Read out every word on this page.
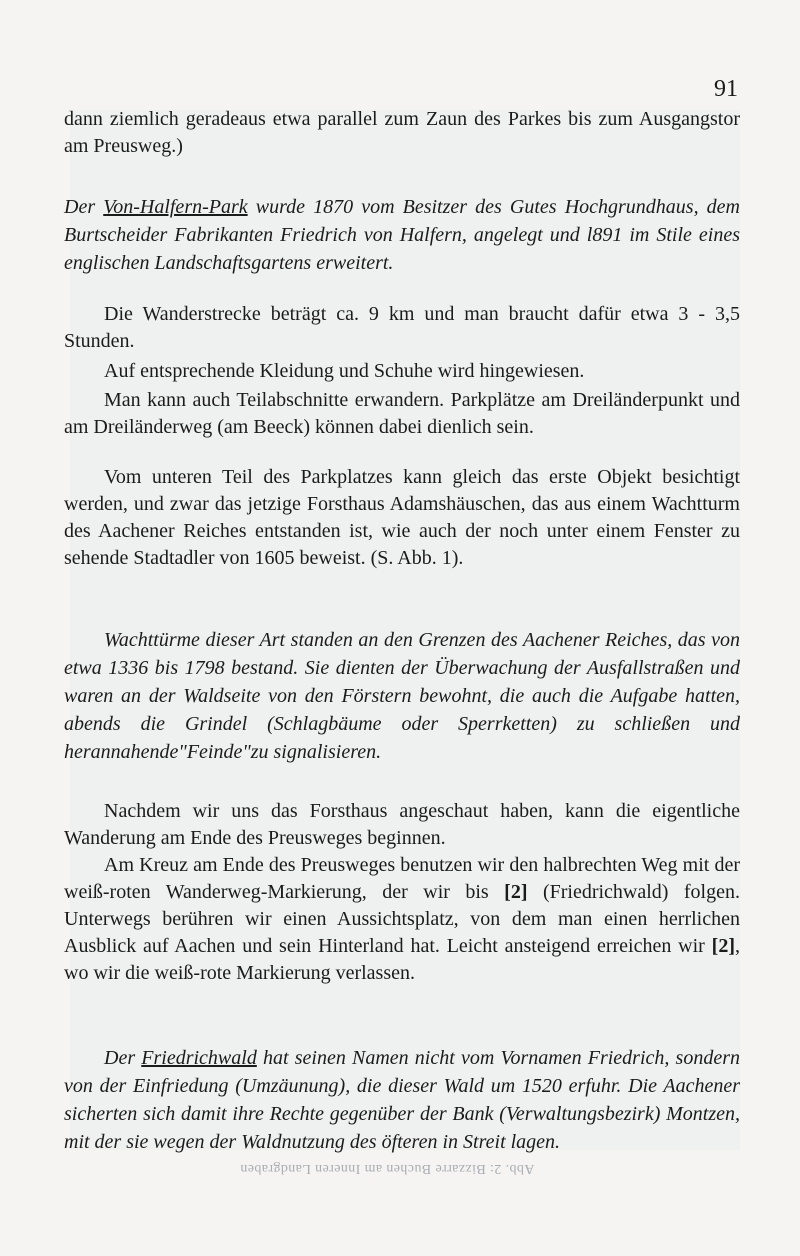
91

dann ziemlich geradeaus etwa parallel zum Zaun des Parkes bis zum Ausgangstor am Preusweg.)

Der Von-Halfern-Park wurde 1870 vom Besitzer des Gutes Hochgrundhaus, dem Burtscheider Fabrikanten Friedrich von Halfern, angelegt und l891 im Stile eines englischen Landschaftsgartens erweitert.

Die Wanderstrecke beträgt ca. 9 km und man braucht dafür etwa 3 - 3,5 Stunden.

Auf entsprechende Kleidung und Schuhe wird hingewiesen.

Man kann auch Teilabschnitte erwandern. Parkplätze am Dreiländerpunkt und am Dreiländerweg (am Beeck) können dabei dienlich sein.

Vom unteren Teil des Parkplatzes kann gleich das erste Objekt besichtigt werden, und zwar das jetzige Forsthaus Adamshäuschen, das aus einem Wachtturm des Aachener Reiches entstanden ist, wie auch der noch unter einem Fenster zu sehende Stadtadler von 1605 beweist. (S. Abb. 1).

Wachttürme dieser Art standen an den Grenzen des Aachener Reiches, das von etwa 1336 bis 1798 bestand. Sie dienten der Überwachung der Ausfallstraßen und waren an der Waldseite von den Förstern bewohnt, die auch die Aufgabe hatten, abends die Grindel (Schlagbäume oder Sperrketten) zu schließen und herannahende"Feinde"zu signalisieren.

Nachdem wir uns das Forsthaus angeschaut haben, kann die eigentliche Wanderung am Ende des Preusweges beginnen.

Am Kreuz am Ende des Preusweges benutzen wir den halbrechten Weg mit der weiß-roten Wanderweg-Markierung, der wir bis [2] (Friedrichwald) folgen. Unterwegs berühren wir einen Aussichtsplatz, von dem man einen herrlichen Ausblick auf Aachen und sein Hinterland hat. Leicht ansteigend erreichen wir [2], wo wir die weiß-rote Markierung verlassen.

Der Friedrichwald hat seinen Namen nicht vom Vornamen Friedrich, sondern von der Einfriedung (Umzäunung), die dieser Wald um 1520 erfuhr. Die Aachener sicherten sich damit ihre Rechte gegenüber der Bank (Verwaltungsbezirk) Montzen, mit der sie wegen der Waldnutzung des öfteren in Streit lagen.

Abb. 2: Bizzarre Buchen am Inneren Landgraben
